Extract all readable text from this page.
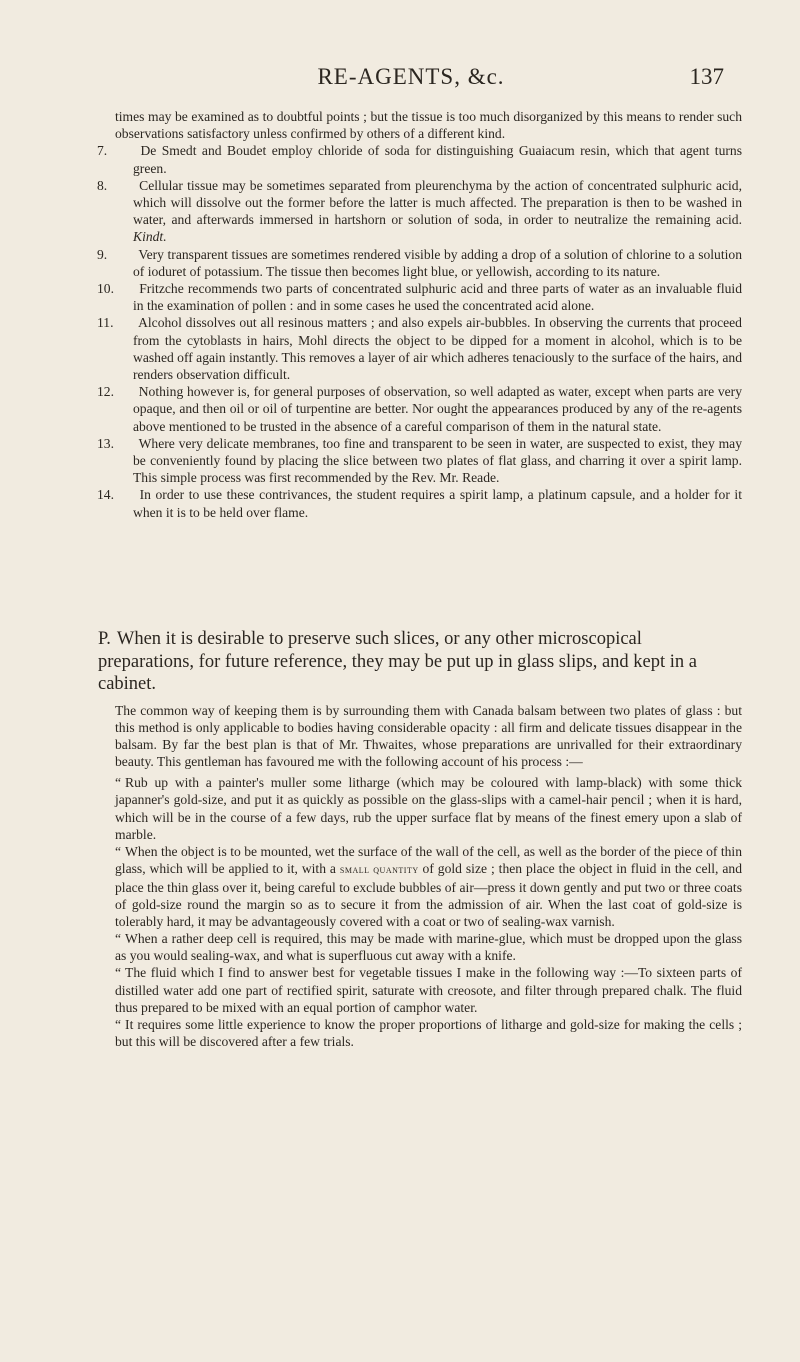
RE-AGENTS, &c.	137

times may be examined as to doubtful points ; but the tissue is too much disorganized by this means to render such observations satisfactory unless confirmed by others of a different kind.

7. De Smedt and Boudet employ chloride of soda for distinguishing Guaiacum resin, which that agent turns green.

8. Cellular tissue may be sometimes separated from pleurenchyma by the action of concentrated sulphuric acid, which will dissolve out the former before the latter is much affected. The preparation is then to be washed in water, and afterwards immersed in hartshorn or solution of soda, in order to neutralize the remaining acid. Kindt.

9. Very transparent tissues are sometimes rendered visible by adding a drop of a solution of chlorine to a solution of ioduret of potassium. The tissue then becomes light blue, or yellowish, according to its nature.

10. Fritzche recommends two parts of concentrated sulphuric acid and three parts of water as an invaluable fluid in the examination of pollen : and in some cases he used the concentrated acid alone.

11. Alcohol dissolves out all resinous matters ; and also expels air-bubbles. In observing the currents that proceed from the cytoblasts in hairs, Mohl directs the object to be dipped for a moment in alcohol, which is to be washed off again instantly. This removes a layer of air which adheres tenaciously to the surface of the hairs, and renders observation difficult.

12. Nothing however is, for general purposes of observation, so well adapted as water, except when parts are very opaque, and then oil or oil of turpentine are better. Nor ought the appearances produced by any of the re-agents above mentioned to be trusted in the absence of a careful comparison of them in the natural state.

13. Where very delicate membranes, too fine and transparent to be seen in water, are suspected to exist, they may be conveniently found by placing the slice between two plates of flat glass, and charring it over a spirit lamp. This simple process was first recommended by the Rev. Mr. Reade.

14. In order to use these contrivances, the student requires a spirit lamp, a platinum capsule, and a holder for it when it is to be held over flame.

P. When it is desirable to preserve such slices, or any other microscopical preparations, for future reference, they may be put up in glass slips, and kept in a cabinet.

The common way of keeping them is by surrounding them with Canada balsam between two plates of glass : but this method is only applicable to bodies having considerable opacity : all firm and delicate tissues disappear in the balsam. By far the best plan is that of Mr. Thwaites, whose preparations are unrivalled for their extraordinary beauty. This gentleman has favoured me with the following account of his process :—

“ Rub up with a painter's muller some litharge (which may be coloured with lamp-black) with some thick japanner's gold-size, and put it as quickly as possible on the glass-slips with a camel-hair pencil ; when it is hard, which will be in the course of a few days, rub the upper surface flat by means of the finest emery upon a slab of marble.

“ When the object is to be mounted, wet the surface of the wall of the cell, as well as the border of the piece of thin glass, which will be applied to it, with a small quantity of gold size ; then place the object in fluid in the cell, and place the thin glass over it, being careful to exclude bubbles of air—press it down gently and put two or three coats of gold-size round the margin so as to secure it from the admission of air. When the last coat of gold-size is tolerably hard, it may be advantageously covered with a coat or two of sealing-wax varnish.

“ When a rather deep cell is required, this may be made with marine-glue, which must be dropped upon the glass as you would sealing-wax, and what is superfluous cut away with a knife.

“ The fluid which I find to answer best for vegetable tissues I make in the following way :—To sixteen parts of distilled water add one part of rectified spirit, saturate with creosote, and filter through prepared chalk. The fluid thus prepared to be mixed with an equal portion of camphor water.

“ It requires some little experience to know the proper proportions of litharge and gold-size for making the cells ; but this will be discovered after a few trials.
